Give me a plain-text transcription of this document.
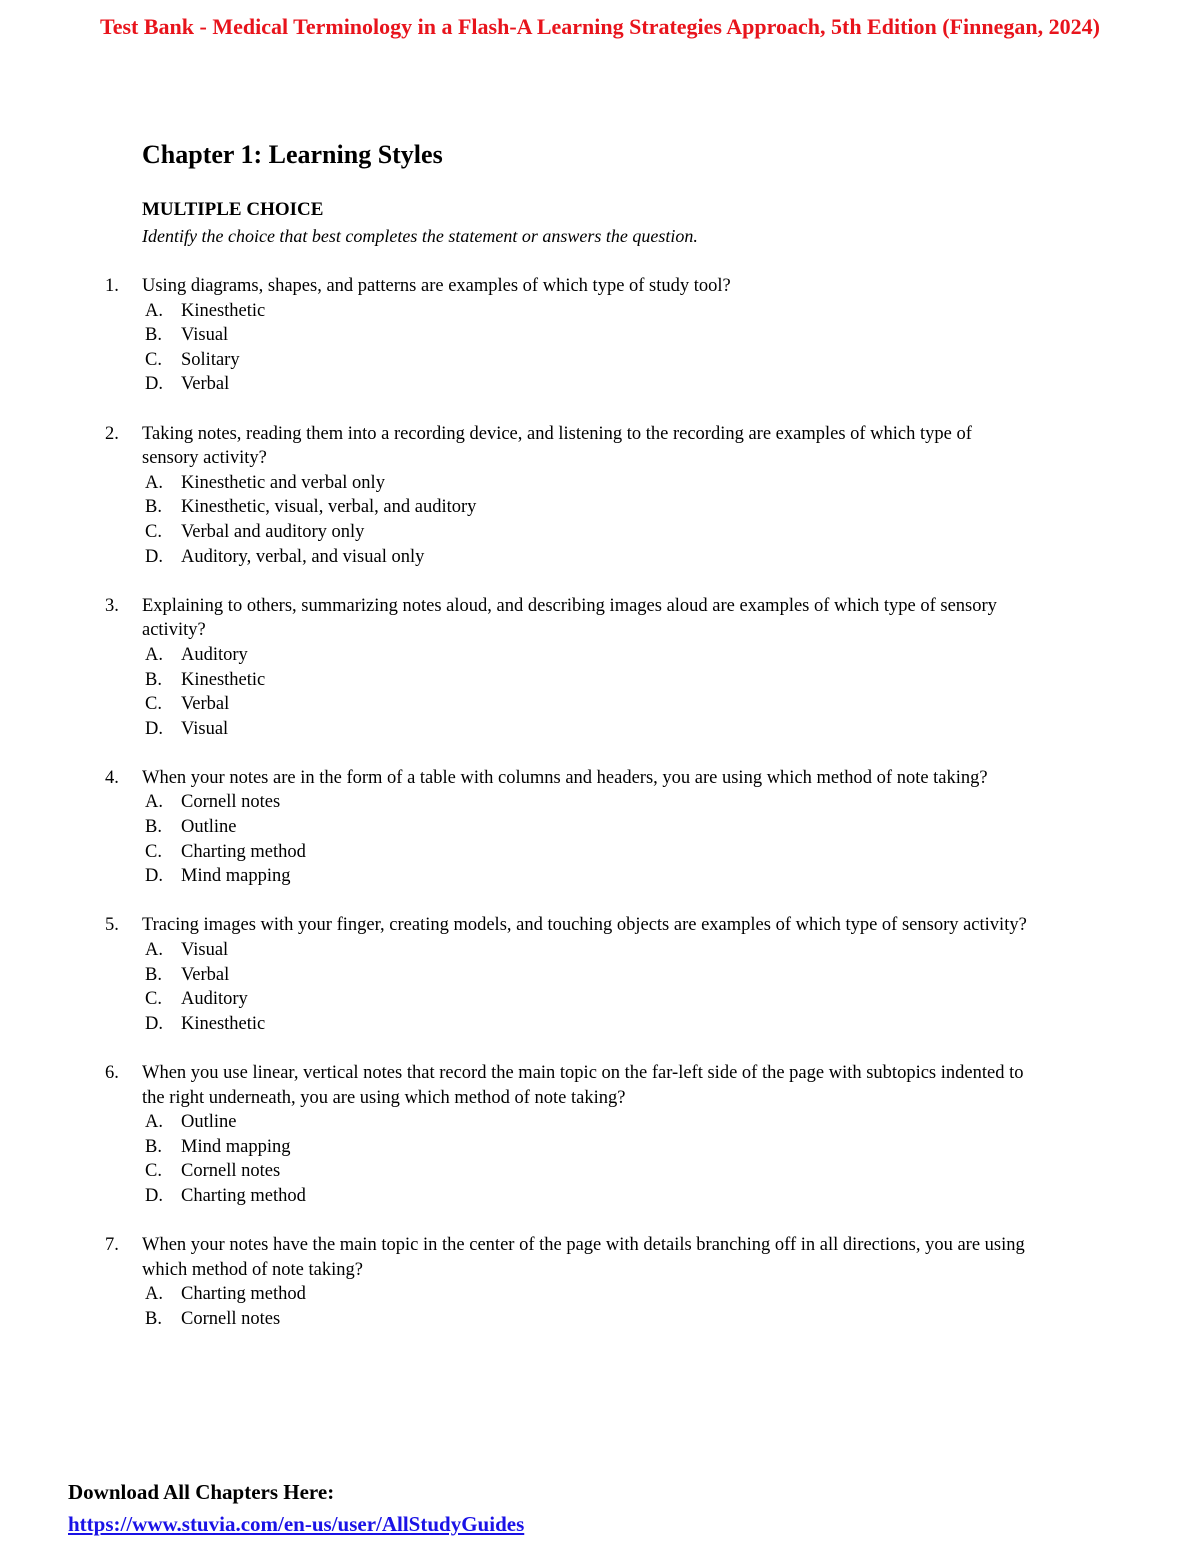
Test Bank - Medical Terminology in a Flash-A Learning Strategies Approach, 5th Edition (Finnegan, 2024)
Chapter 1: Learning Styles
MULTIPLE CHOICE
Identify the choice that best completes the statement or answers the question.
1. Using diagrams, shapes, and patterns are examples of which type of study tool?
A. Kinesthetic
B. Visual
C. Solitary
D. Verbal
2. Taking notes, reading them into a recording device, and listening to the recording are examples of which type of sensory activity?
A. Kinesthetic and verbal only
B. Kinesthetic, visual, verbal, and auditory
C. Verbal and auditory only
D. Auditory, verbal, and visual only
3. Explaining to others, summarizing notes aloud, and describing images aloud are examples of which type of sensory activity?
A. Auditory
B. Kinesthetic
C. Verbal
D. Visual
4. When your notes are in the form of a table with columns and headers, you are using which method of note taking?
A. Cornell notes
B. Outline
C. Charting method
D. Mind mapping
5. Tracing images with your finger, creating models, and touching objects are examples of which type of sensory activity?
A. Visual
B. Verbal
C. Auditory
D. Kinesthetic
6. When you use linear, vertical notes that record the main topic on the far-left side of the page with subtopics indented to the right underneath, you are using which method of note taking?
A. Outline
B. Mind mapping
C. Cornell notes
D. Charting method
7. When your notes have the main topic in the center of the page with details branching off in all directions, you are using which method of note taking?
A. Charting method
B. Cornell notes
Download All Chapters Here:
https://www.stuvia.com/en-us/user/AllStudyGuides
